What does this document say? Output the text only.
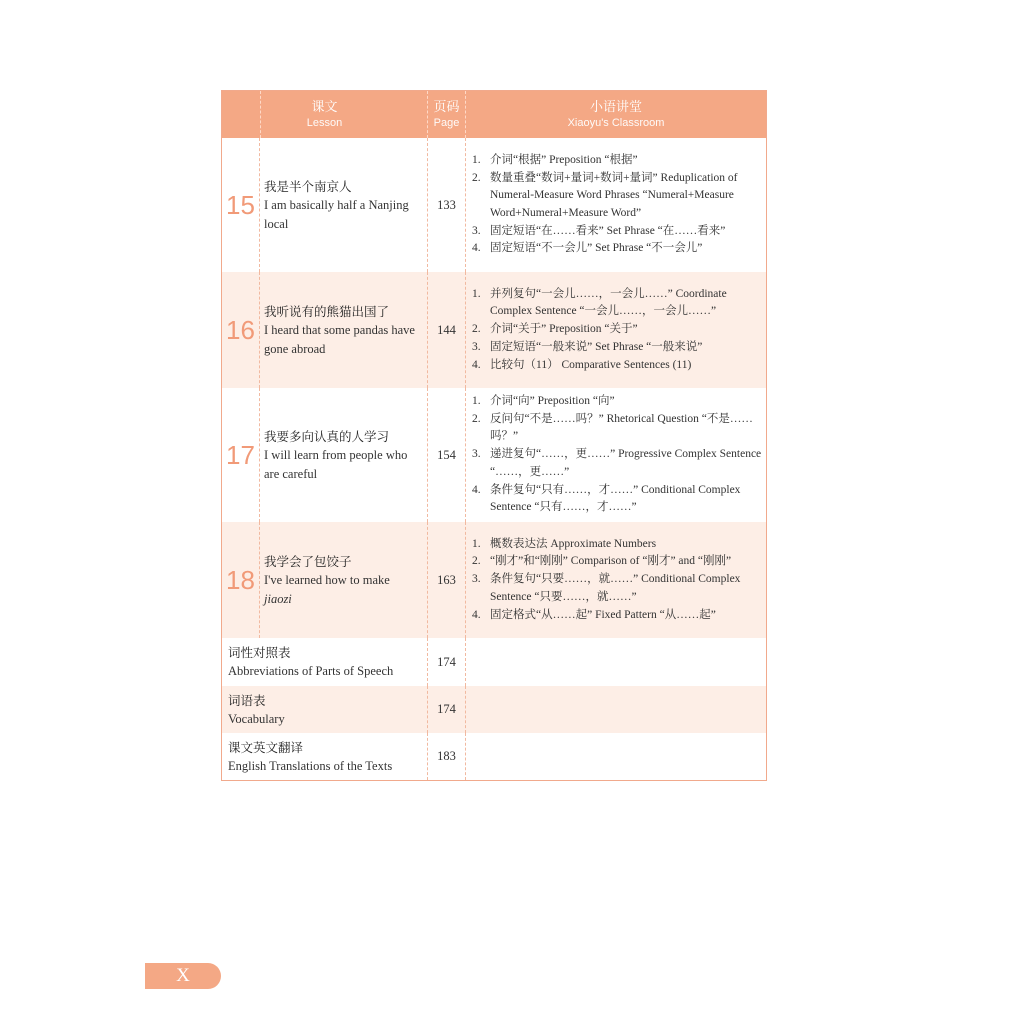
课文
Lesson
页码
Page
小语讲堂
Xiaoyu's Classroom
15
我是半个南京人
I am basically half a Nanjing local
133
1. 介词“根据” Preposition “根据”
2. 数量重叠“数词+量词+数词+量词” Reduplication of Numeral-Measure Word Phrases “Numeral+Measure Word+Numeral+Measure Word”
3. 固定短语“在……看来” Set Phrase “在……看来”
4. 固定短语“不一会儿” Set Phrase “不一会儿”
16
我听说有的熊猫出国了
I heard that some pandas have gone abroad
144
1. 并列复句“一会儿……，一会儿……” Coordinate Complex Sentence “一会儿……，一会儿……”
2. 介词“关于” Preposition “关于”
3. 固定短语“一般来说” Set Phrase “一般来说”
4. 比较句（11） Comparative Sentences (11)
17
我要多向认真的人学习
I will learn from people who are careful
154
1. 介词“向” Preposition “向”
2. 反问句“不是……吗？” Rhetorical Question “不是……吗？”
3. 递进复句“……，更……” Progressive Complex Sentence “……，更……”
4. 条件复句“只有……，才……” Conditional Complex Sentence “只有……，才……”
18
我学会了包饺子
I've learned how to make
jiaozi
163
1. 概数表达法 Approximate Numbers
2. “刚才”和“刚刚” Comparison of “刚才” and “刚刚”
3. 条件复句“只要……，就……” Conditional Complex Sentence “只要……，就……”
4. 固定格式“从……起” Fixed Pattern “从……起”
词性对照表
Abbreviations of Parts of Speech
174
词语表
Vocabulary
174
课文英文翻译
English Translations of the Texts
183
X
